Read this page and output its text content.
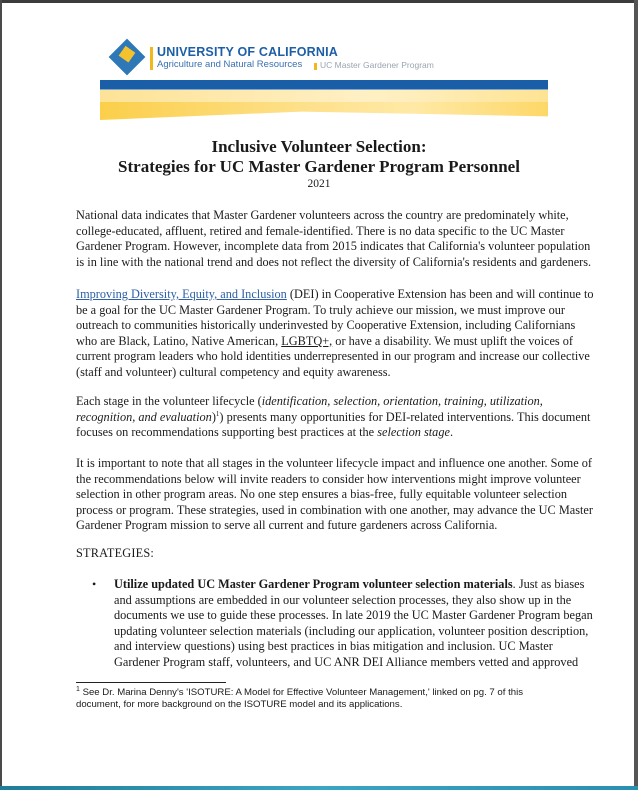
UNIVERSITY OF CALIFORNIA
Agriculture and Natural Resources UC Master Gardener Program
Inclusive Volunteer Selection:
Strategies for UC Master Gardener Program Personnel
2021
National data indicates that Master Gardener volunteers across the country are predominately white,
college-educated, affluent, retired and female-identified. There is no data specific to the UC Master
Gardener Program. However, incomplete data from 2015 indicates that California's volunteer population
is in line with the national trend and does not reflect the diversity of California's residents and gardeners.
Improving Diversity, Equity, and Inclusion (DEI) in Cooperative Extension has been and will continue to
be a goal for the UC Master Gardener Program. To truly achieve our mission, we must improve our
outreach to communities historically underinvested by Cooperative Extension, including Californians
who are Black, Latino, Native American, LGBTQ+, or have a disability. We must uplift the voices of
current program leaders who hold identities underrepresented in our program and increase our collective
(staff and volunteer) cultural competency and equity awareness.
Each stage in the volunteer lifecycle (identification, selection, orientation, training, utilization,
recognition, and evaluation)$^1$) presents many opportunities for DEI-related interventions. This document
focuses on recommendations supporting best practices at the selection stage.
It is important to note that all stages in the volunteer lifecycle impact and influence one another. Some of
the recommendations below will invite readers to consider how interventions might improve volunteer
selection in other program areas. No one step ensures a bias-free, fully equitable volunteer selection
process or program. These strategies, used in combination with one another, may advance the UC Master
Gardener Program mission to serve all current and future gardeners across California.
STRATEGIES:
• Utilize updated UC Master Gardener Program volunteer selection materials. Just as biases
and assumptions are embedded in our volunteer selection processes, they also show up in the
documents we use to guide these processes. In late 2019 the UC Master Gardener Program began
updating volunteer selection materials (including our application, volunteer position description,
and interview questions) using best practices in bias mitigation and inclusion. UC Master
Gardener Program staff, volunteers, and UC ANR DEI Alliance members vetted and approved
$^1$ See Dr. Marina Denny's 'ISOTURE: A Model for Effective Volunteer Management,' linked on pg. 7 of this
document, for more background on the ISOTURE model and its applications.
